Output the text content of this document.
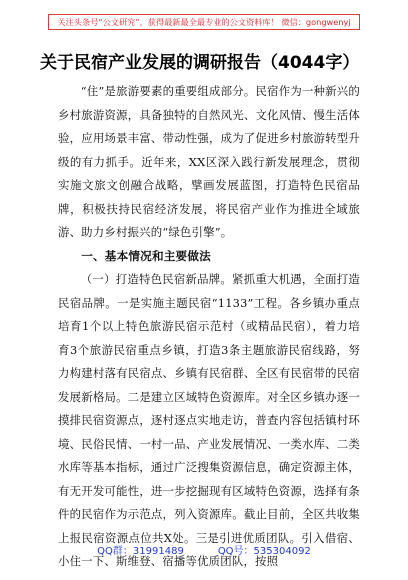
关注头条号“公文研究”，获得最新最全最专业的公文资料库！ 微信：gongwenyj
关于民宿产业发展的调研报告（4044字）

“住”是旅游要素的重要组成部分。民宿作为一种新兴的乡村旅游资源，具备独特的自然风光、文化风情、慢生活体验，应用场景丰富、带动性强，成为了促进乡村旅游转型升级的有力抓手。近年来，XX区深入践行新发展理念，贯彻实施文旅文创融合战略，擘画发展蓝图，打造特色民宿品牌，积极扶持民宿经济发展，将民宿产业作为推进全域旅游、助力乡村振兴的“绿色引擎”。

一、基本情况和主要做法

（一）打造特色民宿新品牌。紧抓重大机遇，全面打造民宿品牌。一是实施主题民宿“1133”工程。各乡镇办重点培育1个以上特色旅游民宿示范村（或精品民宿），着力培育3个旅游民宿重点乡镇，打造3条主题旅游民宿线路，努力构建村落有民宿点、乡镇有民宿群、全区有民宿带的民宿发展新格局。二是建立区域特色资源库。对全区乡镇办逐一摸排民宿资源点，逐村逐点实地走访，普查内容包括镇村环境、民俗民情、一村一品、产业发展情况、一类水库、二类水库等基本指标，通过广泛搜集资源信息，确定资源主体，有无开发可能性，进一步挖掘现有区域特色资源，选择有条件的民宿作为示范点，列入资源库。截止目前，全区共收集上报民宿资源点位共X处。三是引进优质团队。引入借宿、小住一下、斯维登、宿播等优质团队，按照

QQ群：31991489	QQ号：535304092
